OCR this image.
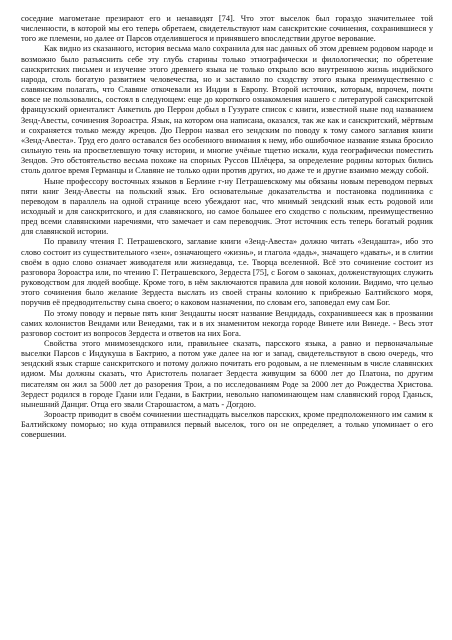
соседние магометане презирают его и ненавидят [74]. Что этот выселок был гораздо значительнее той численности, в которой мы его теперь обретаем, свидетельствуют нам санскритские сочинения, сохранившиеся у того же племени, но далее от Парсов отделившегося и принявшего впоследствии другое верование.

Как видно из сказанного, история весьма мало сохранила для нас данных об этом древнем родовом народе и возможно было разъяснить себе эту глубь старины только этнографически и филологически; по обретение санскритских письмен и изучение этого древнего языка не только открыло всю внутреннюю жизнь индийского народа, столь богатую развитием человечества, но и заставило по сходству этого языка преимущественно с славянским полагать, что Славяне откочевали из Индии в Европу. Второй источник, которым, впрочем, почти вовсе не пользовались, состоял в следующем: еще до короткого ознакомления нашего с литературой санскритской французский ориенталист Анкетиль дю Перрон добыл в Гузурате список с книги, известной ныне под названием Зенд-Авесты, сочинения Зороастра. Язык, на котором она написана, оказался, так же как и санскритский, мёртвым и сохраняется только между жрецов. Дю Перрон назвал его зендским по поводу к тому самого заглавия книги «Зенд-Авеста». Труд его долго оставался без особенного внимания к нему, ибо ошибочное название языка бросило сильную тень на просветлевшую точку истории, и многие учёные тщетно искали, куда географически поместить Зендов. Это обстоятельство весьма похоже на спорных Руссов Шлёцера, за определение родины которых бились столь долгое время Германцы и Славяне не только одни против других, но даже те и другие взаимно между собой.

Ныне профессору восточных языков в Берлине г-ну Петрашевскому мы обязаны новым переводом первых пяти книг Зенд-Авесты на польский язык. Его основательные доказательства и постановка подлинника с переводом в параллель на одной странице всею убеждают нас, что мнимый зендский язык есть родовой или исходный и для санскритского, и для славянского, но самое большее его сходство с польским, преимущественно пред всеми славянскими наречиями, что замечает и сам переводчик. Этот источник есть теперь богатый родник для славянской истории.

По правилу чтения Г. Петрашевского, заглавие книги «Зенд-Авеста» должно читать «Зендашта», ибо это слово состоит из существительного «зен», означающего «жизнь», и глагола «дадь», значащего «давать», и в слитии своём в одно слово означает живодателя или жизнедавца, т.е. Творца вселенной. Всё это сочинение состоит из разговора Зороастра или, по чтению Г. Петрашевского, Зердеста [75], с Богом о законах, долженствующих служить руководством для людей вообще. Кроме того, в нём заключаются правила для новой колонии. Видимо, что целью этого сочинения было желание Зердеста выслать из своей страны колонию к прибрежью Балтийского моря, поручив её предводительству сына своего; о каковом назначении, по словам его, заповедал ему сам Бог.

По этому поводу и первые пять книг Зендашты носят название Вендидадь, сохранившееся как в прозвании самих колонистов Вендами или Венедами, так и в их знаменитом некогда городе Винете или Винеде. - Весь этот разговор состоит из вопросов Зердеста и ответов на них Бога.

Свойства этого мнимозендского или, правильнее сказать, парсского языка, а равно и первоначальные выселки Парсов с Индукуша в Бактрию, а потом уже далее на юг и запад, свидетельствуют в свою очередь, что зендский язык старше санскритского и потому должно почитать его родовым, а не племенным в числе славянских идиом. Мы должны сказать, что Аристотель полагает Зердеста живущим за 6000 лет до Платона, по другим писателям он жил за 5000 лет до разорения Трои, а по исследованиям Роде за 2000 лет до Рождества Христова. Зердест родился в городе Гдани или Гедани, в Бактрии, невольно напоминающем нам славянский город Гданьск, нынешний Данциг. Отца его звали Старошастом, а мать - Догдою.

Зороастр приводит в своём сочинении шестнадцать выселков парсских, кроме предположенного им самим к Балтийскому поморью; но куда отправился первый выселок, того он не определяет, а только упоминает о его совершении.
